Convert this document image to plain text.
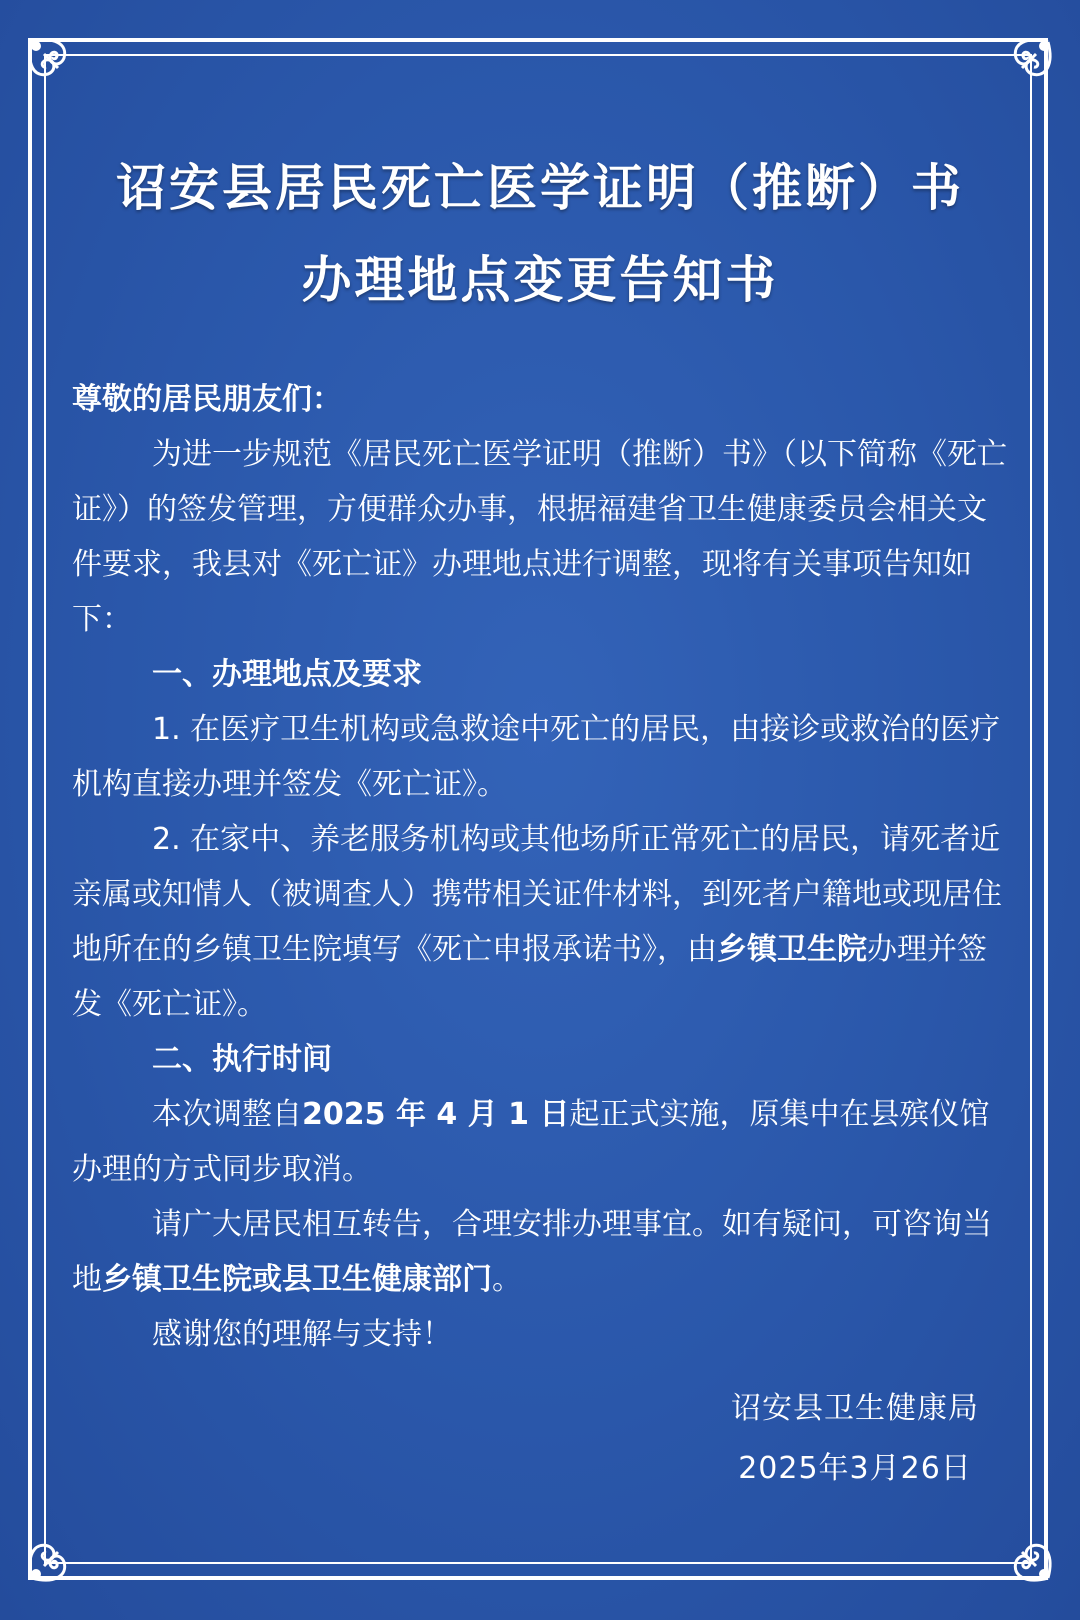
诏安县居民死亡医学证明（推断）书
办理地点变更告知书

尊敬的居民朋友们：

为进一步规范《居民死亡医学证明（推断）书》（以下简称《死亡证》）的签发管理，方便群众办事，根据福建省卫生健康委员会相关文件要求，我县对《死亡证》办理地点进行调整，现将有关事项告知如下：

一、办理地点及要求

1. 在医疗卫生机构或急救途中死亡的居民，由接诊或救治的医疗机构直接办理并签发《死亡证》。

2. 在家中、养老服务机构或其他场所正常死亡的居民，请死者近亲属或知情人（被调查人）携带相关证件材料，到死者户籍地或现居住地所在的乡镇卫生院填写《死亡申报承诺书》，由乡镇卫生院办理并签发《死亡证》。

二、执行时间

本次调整自2025 年 4 月 1 日起正式实施，原集中在县殡仪馆办理的方式同步取消。

请广大居民相互转告，合理安排办理事宜。如有疑问，可咨询当地乡镇卫生院或县卫生健康部门。

感谢您的理解与支持！

诏安县卫生健康局
2025年3月26日
